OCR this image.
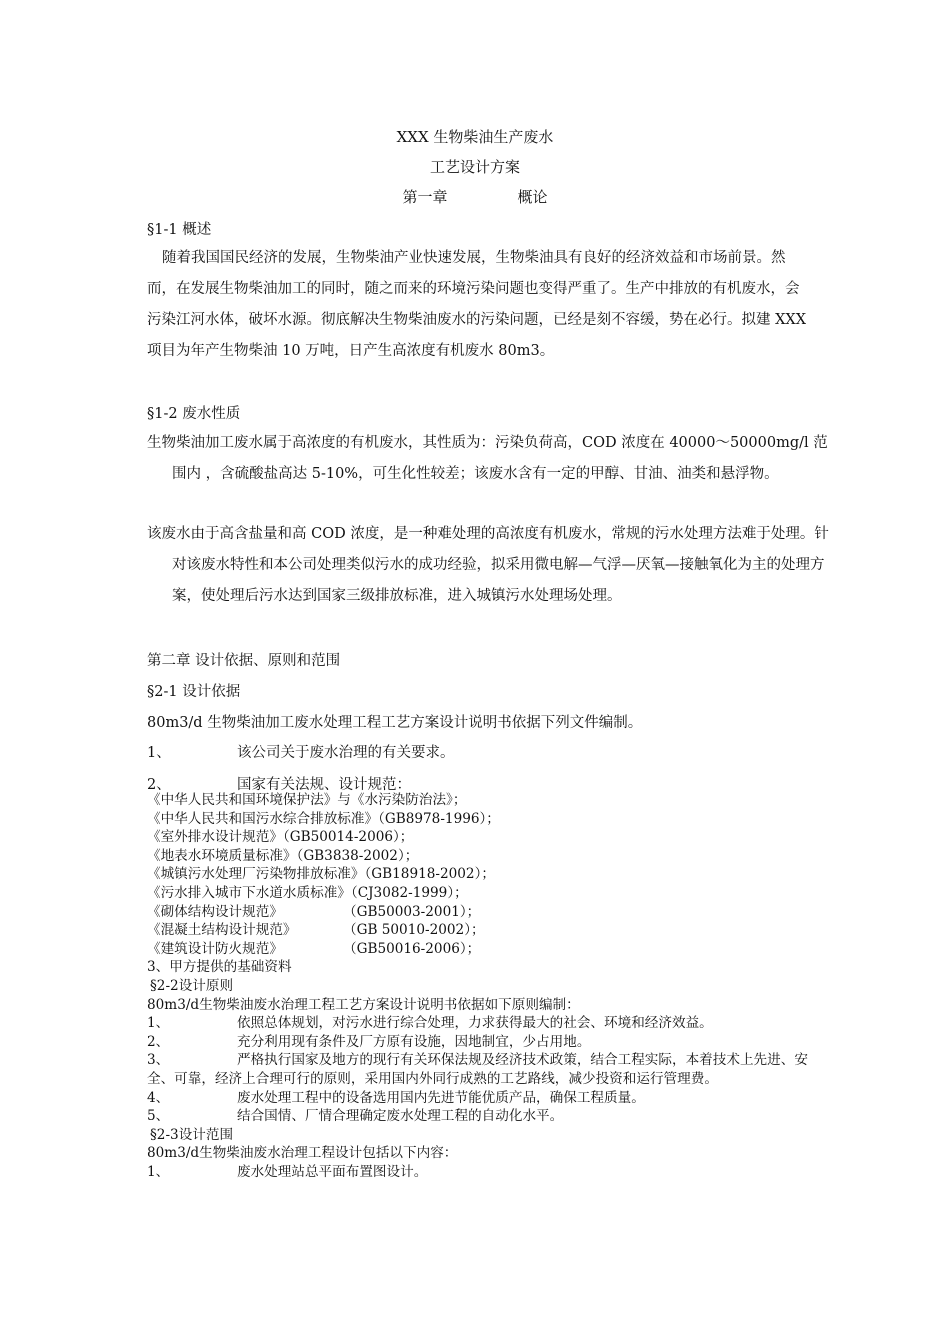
XXX 生物柴油生产废水
工艺设计方案
第一章	概论
§1-1 概述
随着我国国民经济的发展，生物柴油产业快速发展，生物柴油具有良好的经济效益和市场前景。然而，在发展生物柴油加工的同时，随之而来的环境污染问题也变得严重了。生产中排放的有机废水，会污染江河水体，破坏水源。彻底解决生物柴油废水的污染问题，已经是刻不容缓，势在必行。拟建 XXX 项目为年产生物柴油 10 万吨，日产生高浓度有机废水 80m3。
§1-2 废水性质
生物柴油加工废水属于高浓度的有机废水，其性质为：污染负荷高，COD 浓度在 40000～50000mg/l 范围内 ，含硫酸盐高达 5-10%，可生化性较差；该废水含有一定的甲醇、甘油、油类和悬浮物。
该废水由于高含盐量和高 COD 浓度，是一种难处理的高浓度有机废水，常规的污水处理方法难于处理。针对该废水特性和本公司处理类似污水的成功经验，拟采用微电解—气浮—厌氧—接触氧化为主的处理方案，使处理后污水达到国家三级排放标准，进入城镇污水处理场处理。
第二章 设计依据、原则和范围
§2-1 设计依据
80m3/d 生物柴油加工废水处理工程工艺方案设计说明书依据下列文件编制。
1、	该公司关于废水治理的有关要求。
2、	国家有关法规、设计规范：
《中华人民共和国环境保护法》与《水污染防治法》；
《中华人民共和国污水综合排放标准》（GB8978-1996）；
《室外排水设计规范》（GB50014-2006）；
《地表水环境质量标准》（GB3838-2002）；
《城镇污水处理厂污染物排放标准》（GB18918-2002）；
《污水排入城市下水道水质标准》（CJ3082-1999）；
《砌体结构设计规范》	（GB50003-2001）；
《混凝土结构设计规范》	（GB 50010-2002）；
《建筑设计防火规范》	（GB50016-2006）；
3、甲方提供的基础资料
§2-2设计原则
80m3/d生物柴油废水治理工程工艺方案设计说明书依据如下原则编制：
1、	依照总体规划，对污水进行综合处理，力求获得最大的社会、环境和经济效益。
2、	充分利用现有条件及厂方原有设施，因地制宜，少占用地。
3、	严格执行国家及地方的现行有关环保法规及经济技术政策，结合工程实际，本着技术上先进、安全、可靠，经济上合理可行的原则，采用国内外同行成熟的工艺路线，减少投资和运行管理费。
4、	废水处理工程中的设备选用国内先进节能优质产品，确保工程质量。
5、	结合国情、厂情合理确定废水处理工程的自动化水平。
§2-3设计范围
80m3/d生物柴油废水治理工程设计包括以下内容：
1、	废水处理站总平面布置图设计。
